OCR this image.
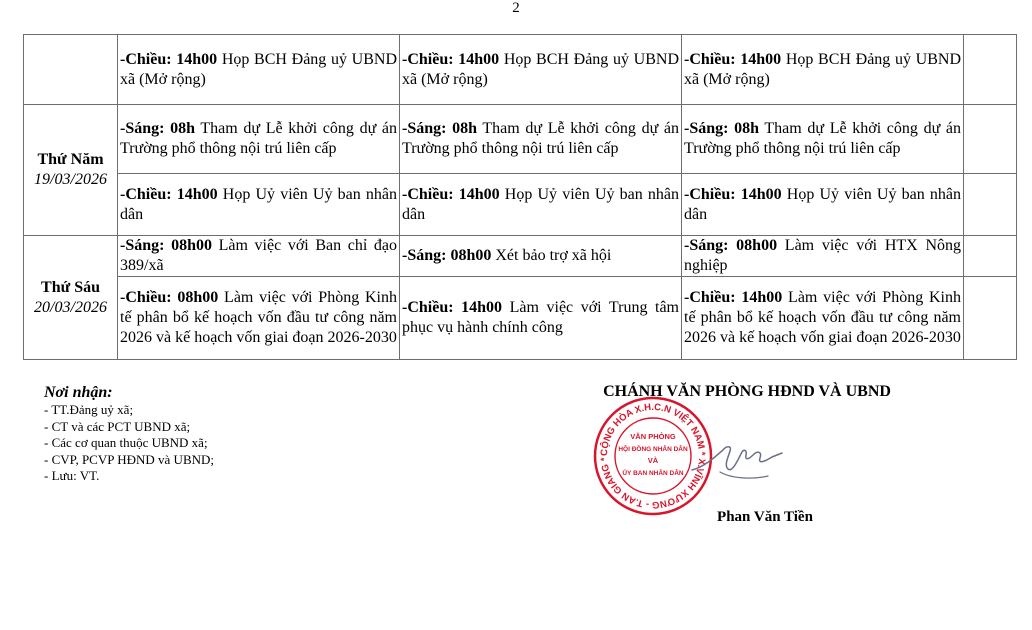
2
	-Chiều: 14h00 Họp BCH Đảng uỷ UBND xã (Mở rộng)	-Chiều: 14h00 Họp BCH Đảng uỷ UBND xã (Mở rộng)	-Chiều: 14h00 Họp BCH Đảng uỷ UBND xã (Mở rộng)	

Thứ Năm
19/03/2026	-Sáng: 08h Tham dự Lễ khởi công dự án Trường phổ thông nội trú liên cấp	-Sáng: 08h Tham dự Lễ khởi công dự án Trường phổ thông nội trú liên cấp	-Sáng: 08h Tham dự Lễ khởi công dự án Trường phổ thông nội trú liên cấp	
	-Chiều: 14h00 Họp Uỷ viên Uỷ ban nhân dân	-Chiều: 14h00 Họp Uỷ viên Uỷ ban nhân dân	-Chiều: 14h00 Họp Uỷ viên Uỷ ban nhân dân	

Thứ Sáu
20/03/2026	-Sáng: 08h00 Làm việc với Ban chỉ đạo 389/xã	-Sáng: 08h00 Xét bảo trợ xã hội	-Sáng: 08h00 Làm việc với HTX Nông nghiệp	
	-Chiều: 08h00 Làm việc với Phòng Kinh tế phân bổ kế hoạch vốn đầu tư công năm 2026 và kế hoạch vốn giai đoạn 2026-2030	-Chiều: 14h00 Làm việc với Trung tâm phục vụ hành chính công	-Chiều: 14h00 Làm việc với Phòng Kinh tế phân bổ kế hoạch vốn đầu tư công năm 2026 và kế hoạch vốn giai đoạn 2026-2030	
Nơi nhận:
- TT.Đảng uỷ xã;
- CT và các PCT UBND xã;
- Các cơ quan thuộc UBND xã;
- CVP, PCVP HĐND và UBND;
- Lưu: VT.
CHÁNH VĂN PHÒNG HĐND VÀ UBND
CỘNG HÒA X.H.C.N VIỆT NAM * X.VĨNH XƯƠNG - T.AN GIANG *
VĂN PHÒNG
HỘI ĐỒNG NHÂN DÂN
VÀ
ỦY BAN NHÂN DÂN
Phan Văn Tiền
